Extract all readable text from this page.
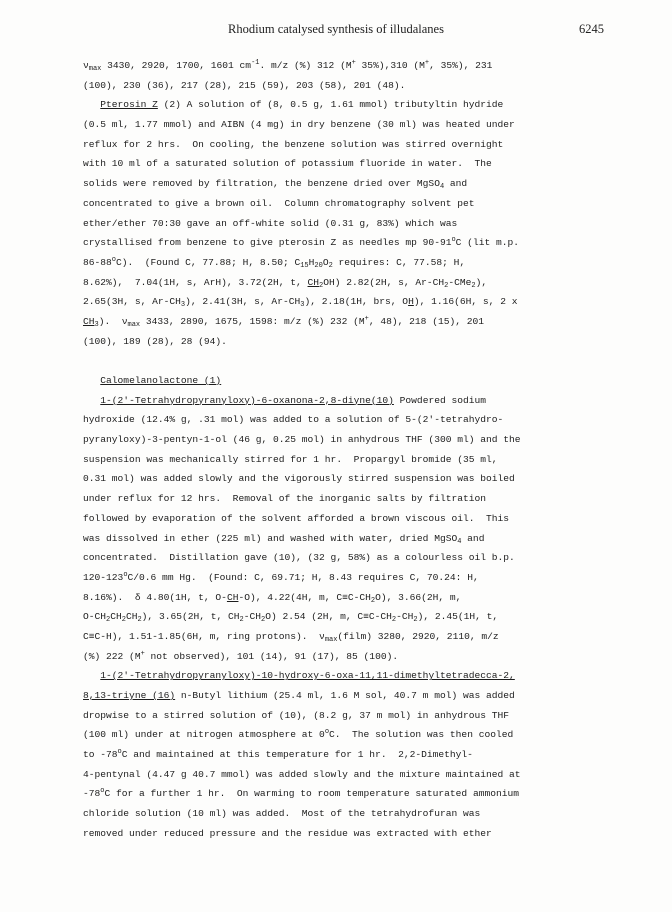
Rhodium catalysed synthesis of illudalanes	6245
$\nu_{max}$ 3430, 2920, 1700, 1601 $cm^{-1}$. m/z (%) 312 (M+ 35%),310 (M+, 35%), 231
(100), 230 (36), 217 (28), 215 (59), 203 (58), 201 (48).
Pterosin Z (2) A solution of (8, 0.5 g, 1.61 mmol) tributyltin hydride
(0.5 ml, 1.77 mmol) and AIBN (4 mg) in dry benzene (30 ml) was heated under
reflux for 2 hrs.  On cooling, the benzene solution was stirred overnight
with 10 ml of a saturated solution of potassium fluoride in water.  The
solids were removed by filtration, the benzene dried over MgSO$_4$ and
concentrated to give a brown oil.  Column chromatography solvent pet
ether/ether 70:30 gave an off-white solid (0.31 g, 83%) which was
crystallised from benzene to give pterosin Z as needles mp 90-91$^o$C (lit m.p.
86-88$^o$C).  (Found C, 77.88; H, 8.50; $C_{15}H_{20}O_2$ requires: C, 77.58; H,
8.62%),  7.04(1H, s, ArH), 3.72(2H, t, $CH_2OH$) 2.82(2H, s, $Ar-CH_2-CMe_2$),
2.65(3H, s, $Ar-CH_3$), 2.41(3H, s, $Ar-CH_3$), 2.18(1H, brs, OH), 1.16(6H, s, 2 x
$CH_3$).  $\nu_{max}$ 3433, 2890, 1675, 1598: m/z (%) 232 (M+, 48), 218 (15), 201
(100), 189 (28), 28 (94).
Calomelanolactone (1)
1-(2'-Tetrahydropyranyloxy)-6-oxanona-2,8-diyne(10) Powdered sodium
hydroxide (12.4% g, .31 mol) was added to a solution of 5-(2'-tetrahydro-
pyranyloxy)-3-pentyn-1-ol (46 g, 0.25 mol) in anhydrous THF (300 ml) and the
suspension was mechanically stirred for 1 hr.  Propargyl bromide (35 ml,
0.31 mol) was added slowly and the vigorously stirred suspension was boiled
under reflux for 12 hrs.  Removal of the inorganic salts by filtration
followed by evaporation of the solvent afforded a brown viscous oil.  This
was dissolved in ether (225 ml) and washed with water, dried MgSO$_4$ and
concentrated.  Distillation gave (10), (32 g, 58%) as a colourless oil b.p.
120-123$^o$C/0.6 mm Hg.  (Found: C, 69.71; H, 8.43 requires C, 70.24: H,
8.16%).  δ 4.80(1H, t, O-CH-O), 4.22(4H, m, $C\equiv C-CH_2O$), 3.66(2H, m,
$O-CH_2CH_2CH_2$), 3.65(2H, t, $CH_2-CH_2O$) 2.54 (2H, m, $C\equiv C-CH_2-CH_2$), 2.45(1H, t,
C≡C-H), 1.51-1.85(6H, m, ring protons).  $\nu_{max}(film)$ 3280, 2920, 2110, m/z
(%) 222 (M+ not observed), 101 (14), 91 (17), 85 (100).
1-(2'-Tetrahydropyranyloxy)-10-hydroxy-6-oxa-11,11-dimethyltetradecca-2,
8,13-triyne (16) n-Butyl lithium (25.4 ml, 1.6 M sol, 40.7 m mol) was added
dropwise to a stirred solution of (10), (8.2 g, 37 m mol) in anhydrous THF
(100 ml) under at nitrogen atmosphere at 0$^o$C.  The solution was then cooled
to -78$^o$C and maintained at this temperature for 1 hr.  2,2-Dimethyl-
4-pentynal (4.47 g 40.7 mmol) was added slowly and the mixture maintained at
-78$^o$C for a further 1 hr.  On warming to room temperature saturated ammonium
chloride solution (10 ml) was added.  Most of the tetrahydrofuran was
removed under reduced pressure and the residue was extracted with ether
